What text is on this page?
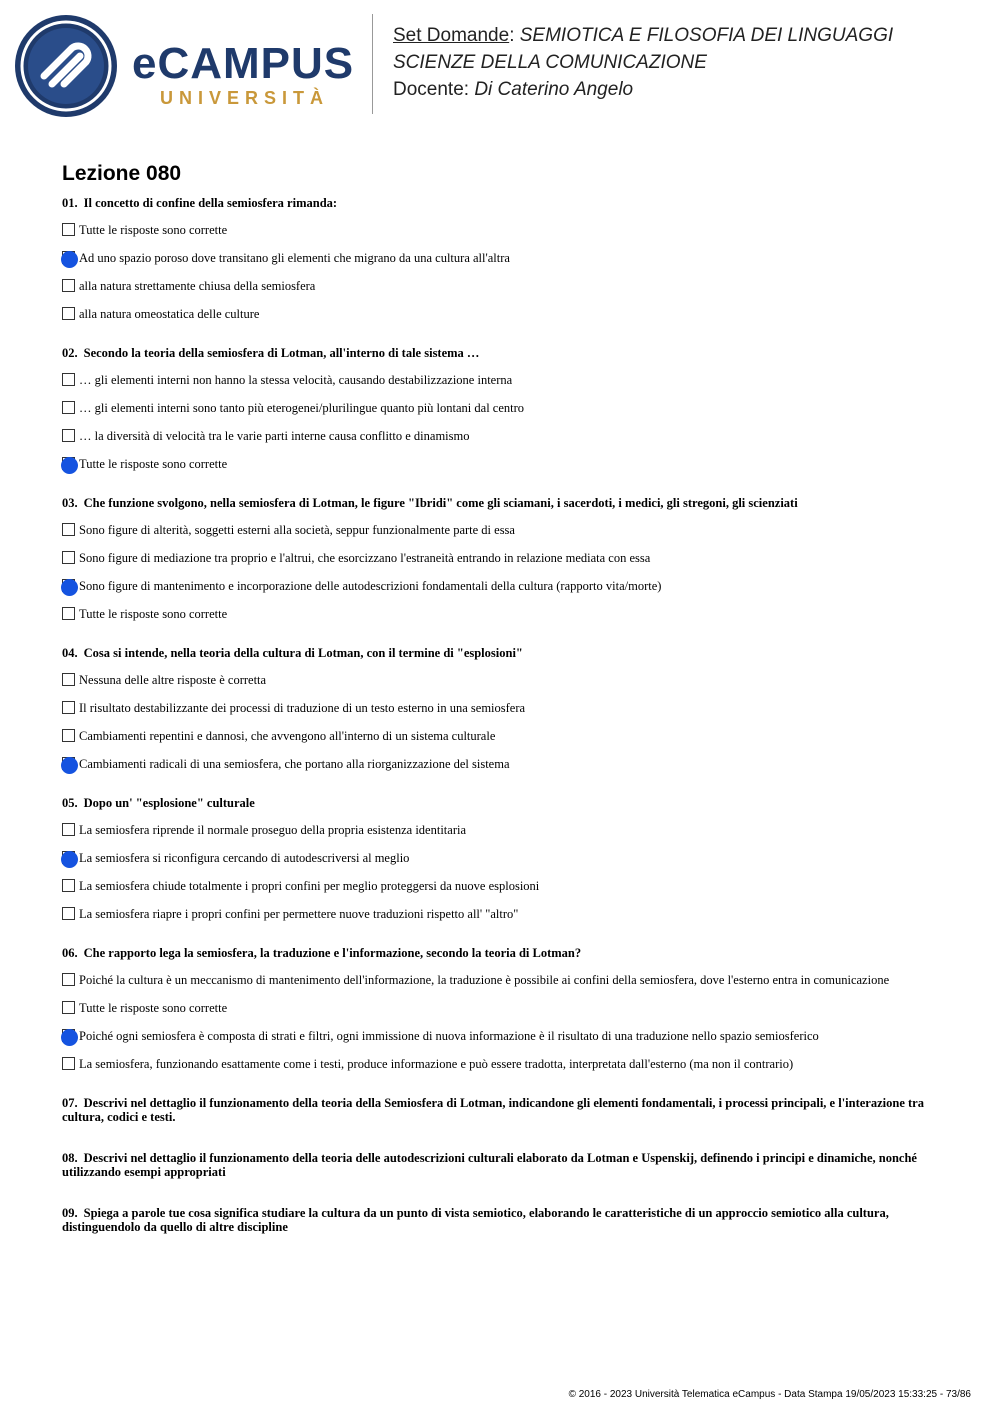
eCAMPUS
UNIVERSITÀ
Set Domande: SEMIOTICA E FILOSOFIA DEI LINGUAGGI
SCIENZE DELLA COMUNICAZIONE
Docente: Di Caterino Angelo
Lezione 080
01. Il concetto di confine della semiosfera rimanda:
Tutte le risposte sono corrette
Ad uno spazio poroso dove transitano gli elementi che migrano da una cultura all'altra
alla natura strettamente chiusa della semiosfera
alla natura omeostatica delle culture
02. Secondo la teoria della semiosfera di Lotman, all'interno di tale sistema …
… gli elementi interni non hanno la stessa velocità, causando destabilizzazione interna
… gli elementi interni sono tanto più eterogenei/plurilingue quanto più lontani dal centro
… la diversità di velocità tra le varie parti interne causa conflitto e dinamismo
Tutte le risposte sono corrette
03. Che funzione svolgono, nella semiosfera di Lotman, le figure "Ibridi" come gli sciamani, i sacerdoti, i medici, gli stregoni, gli scienziati
Sono figure di alterità, soggetti esterni alla società, seppur funzionalmente parte di essa
Sono figure di mediazione tra proprio e l'altrui, che esorcizzano l'estraneità entrando in relazione mediata con essa
Sono figure di mantenimento e incorporazione delle autodescrizioni fondamentali della cultura (rapporto vita/morte)
Tutte le risposte sono corrette
04. Cosa si intende, nella teoria della cultura di Lotman, con il termine di "esplosioni"
Nessuna delle altre risposte è corretta
Il risultato destabilizzante dei processi di traduzione di un testo esterno in una semiosfera
Cambiamenti repentini e dannosi, che avvengono all'interno di un sistema culturale
Cambiamenti radicali di una semiosfera, che portano alla riorganizzazione del sistema
05. Dopo un' "esplosione" culturale
La semiosfera riprende il normale proseguo della propria esistenza identitaria
La semiosfera si riconfigura cercando di autodescriversi al meglio
La semiosfera chiude totalmente i propri confini per meglio proteggersi da nuove esplosioni
La semiosfera riapre i propri confini per permettere nuove traduzioni rispetto all' "altro"
06. Che rapporto lega la semiosfera, la traduzione e l'informazione, secondo la teoria di Lotman?
Poiché la cultura è un meccanismo di mantenimento dell'informazione, la traduzione è possibile ai confini della semiosfera, dove l'esterno entra in comunicazione
Tutte le risposte sono corrette
Poiché ogni semiosfera è composta di strati e filtri, ogni immissione di nuova informazione è il risultato di una traduzione nello spazio semiosferico
La semiosfera, funzionando esattamente come i testi, produce informazione e può essere tradotta, interpretata dall'esterno (ma non il contrario)
07. Descrivi nel dettaglio il funzionamento della teoria della Semiosfera di Lotman, indicandone gli elementi fondamentali, i processi principali, e l'interazione tra cultura, codici e testi.
08. Descrivi nel dettaglio il funzionamento della teoria delle autodescrizioni culturali elaborato da Lotman e Uspenskij, definendo i principi e dinamiche, nonché utilizzando esempi appropriati
09. Spiega a parole tue cosa significa studiare la cultura da un punto di vista semiotico, elaborando le caratteristiche di un approccio semiotico alla cultura, distinguendolo da quello di altre discipline
© 2016 - 2023 Università Telematica eCampus - Data Stampa 19/05/2023 15:33:25 - 73/86
